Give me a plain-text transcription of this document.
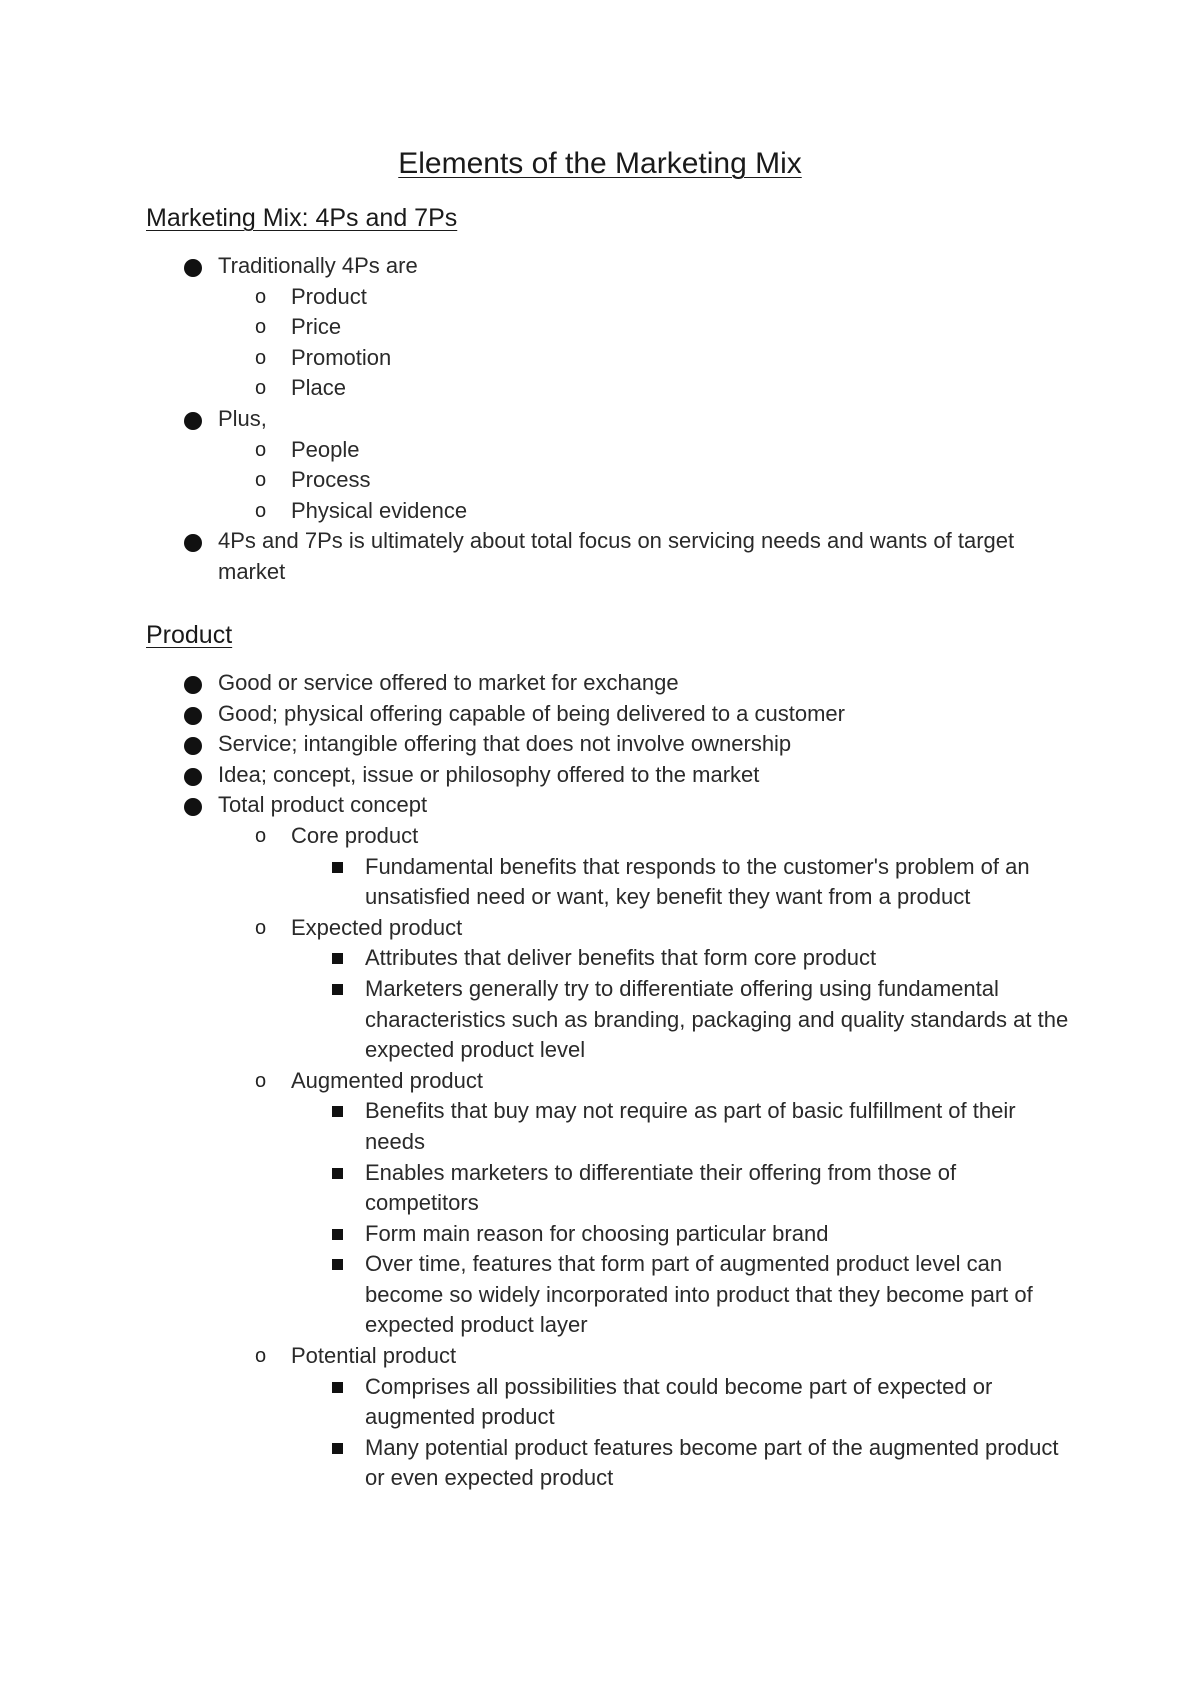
Elements of the Marketing Mix
Marketing Mix: 4Ps and 7Ps
Traditionally 4Ps are
o Product
o Price
o Promotion
o Place
Plus,
o People
o Process
o Physical evidence
4Ps and 7Ps is ultimately about total focus on servicing needs and wants of target market
Product
Good or service offered to market for exchange
Good; physical offering capable of being delivered to a customer
Service; intangible offering that does not involve ownership
Idea; concept, issue or philosophy offered to the market
Total product concept
o Core product
Fundamental benefits that responds to the customer's problem of an unsatisfied need or want, key benefit they want from a product
o Expected product
Attributes that deliver benefits that form core product
Marketers generally try to differentiate offering using fundamental characteristics such as branding, packaging and quality standards at the expected product level
o Augmented product
Benefits that buy may not require as part of basic fulfillment of their needs
Enables marketers to differentiate their offering from those of competitors
Form main reason for choosing particular brand
Over time, features that form part of augmented product level can become so widely incorporated into product that they become part of expected product layer
o Potential product
Comprises all possibilities that could become part of expected or augmented product
Many potential product features become part of the augmented product or even expected product
